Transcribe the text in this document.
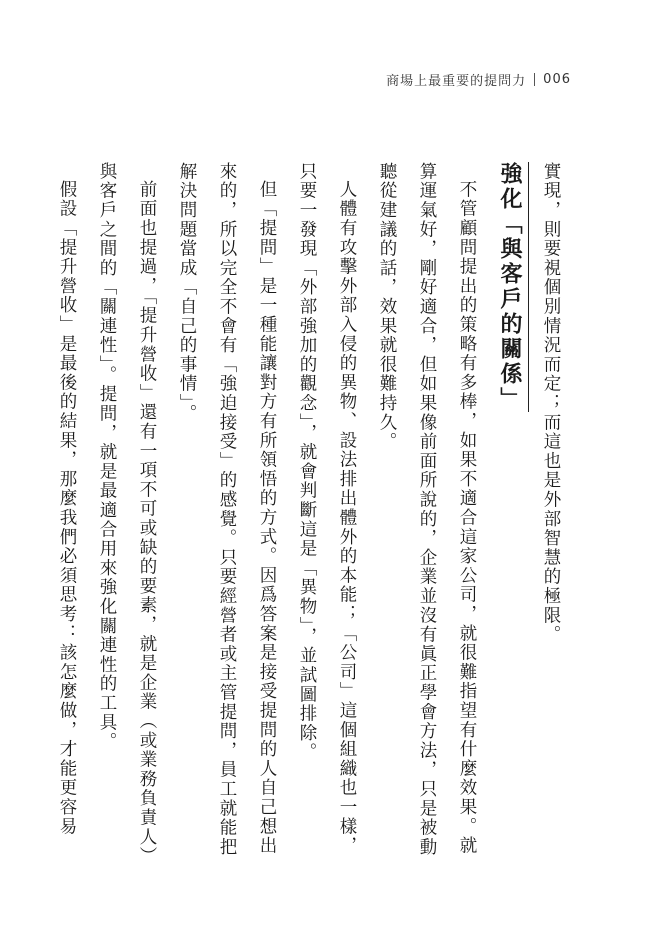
商場上最重要的提問力 006

實現，則要視個別情況而定；而這也是外部智慧的極限。

強化「與客戶的關係」

不管顧問提出的策略有多棒，如果不適合這家公司，就很難指望有什麼效果。就算運氣好，剛好適合，但如果像前面所說的，企業並沒有眞正學會方法，只是被動聽從建議的話，效果就很難持久。

人體有攻擊外部入侵的異物、設法排出體外的本能；「公司」這個組織也一樣，只要一發現「外部強加的觀念」，就會判斷這是「異物」，並試圖排除。

但「提問」是一種能讓對方有所領悟的方式。因爲答案是接受提問的人自己想出來的，所以完全不會有「強迫接受」的感覺。只要經營者或主管提問，員工就能把解決問題當成「自己的事情」。

前面也提過，「提升營收」還有一項不可或缺的要素，就是企業（或業務負責人）與客戶之間的「關連性」。提問，就是最適合用來強化關連性的工具。

假設「提升營收」是最後的結果，那麼我們必須思考：該怎麼做，才能更容易
